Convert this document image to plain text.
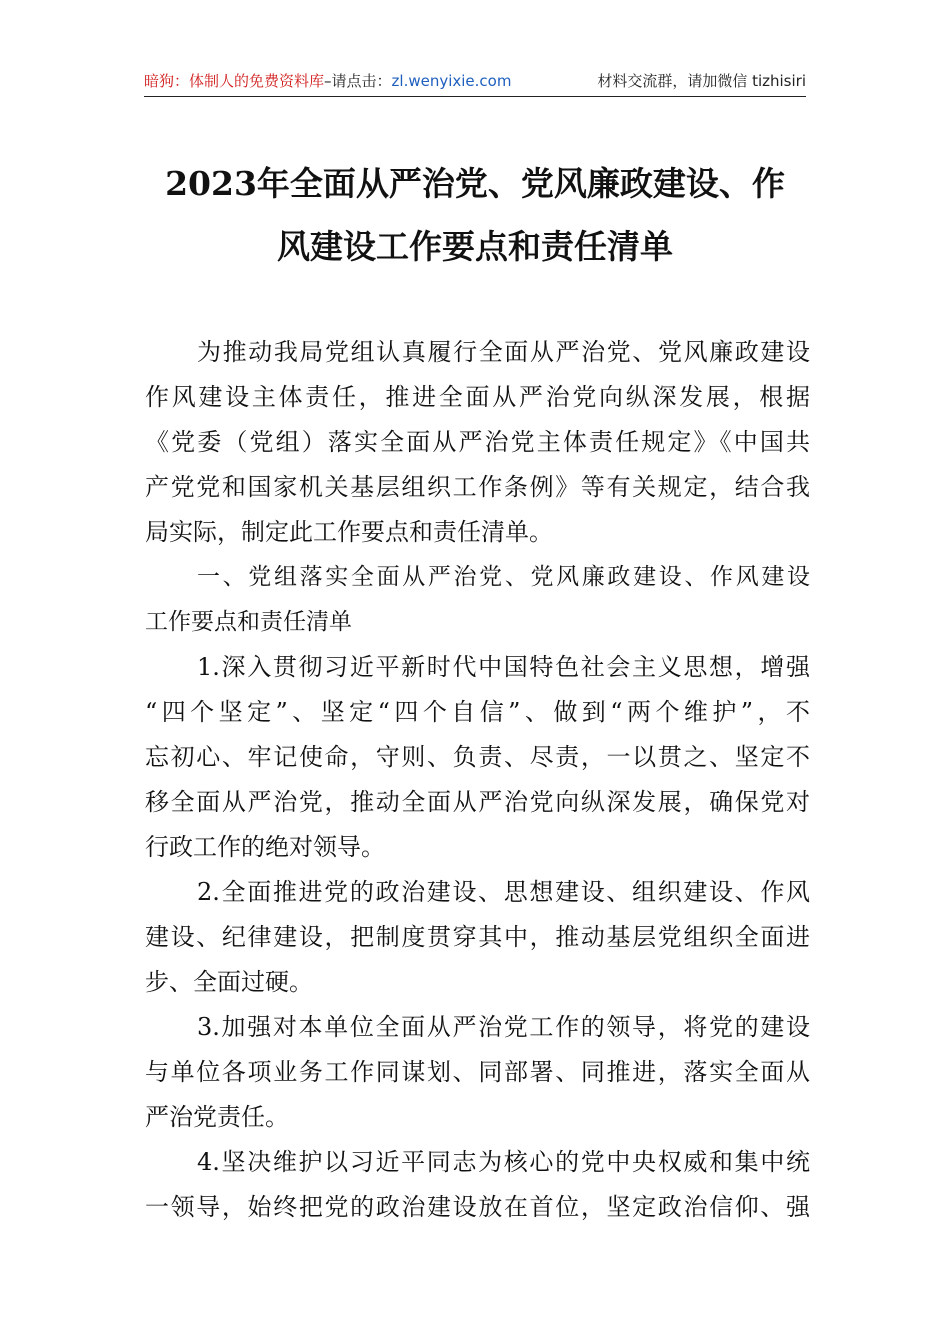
暗狗：体制人的免费资料库–请点击：zl.wenyixie.com	材料交流群，请加微信 tizhisiri
2023年全面从严治党、党风廉政建设、作
风建设工作要点和责任清单
为推动我局党组认真履行全面从严治党、党风廉政建设
作风建设主体责任，推进全面从严治党向纵深发展，根据
《党委（党组）落实全面从严治党主体责任规定》《中国共
产党党和国家机关基层组织工作条例》等有关规定，结合我
局实际，制定此工作要点和责任清单。
一、党组落实全面从严治党、党风廉政建设、作风建设
工作要点和责任清单
1.深入贯彻习近平新时代中国特色社会主义思想，增强
“四个坚定”、坚定“四个自信”、做到“两个维护”，不
忘初心、牢记使命，守则、负责、尽责，一以贯之、坚定不
移全面从严治党，推动全面从严治党向纵深发展，确保党对
行政工作的绝对领导。
2.全面推进党的政治建设、思想建设、组织建设、作风
建设、纪律建设，把制度贯穿其中，推动基层党组织全面进
步、全面过硬。
3.加强对本单位全面从严治党工作的领导，将党的建设
与单位各项业务工作同谋划、同部署、同推进，落实全面从
严治党责任。
4.坚决维护以习近平同志为核心的党中央权威和集中统
一领导，始终把党的政治建设放在首位，坚定政治信仰、强
